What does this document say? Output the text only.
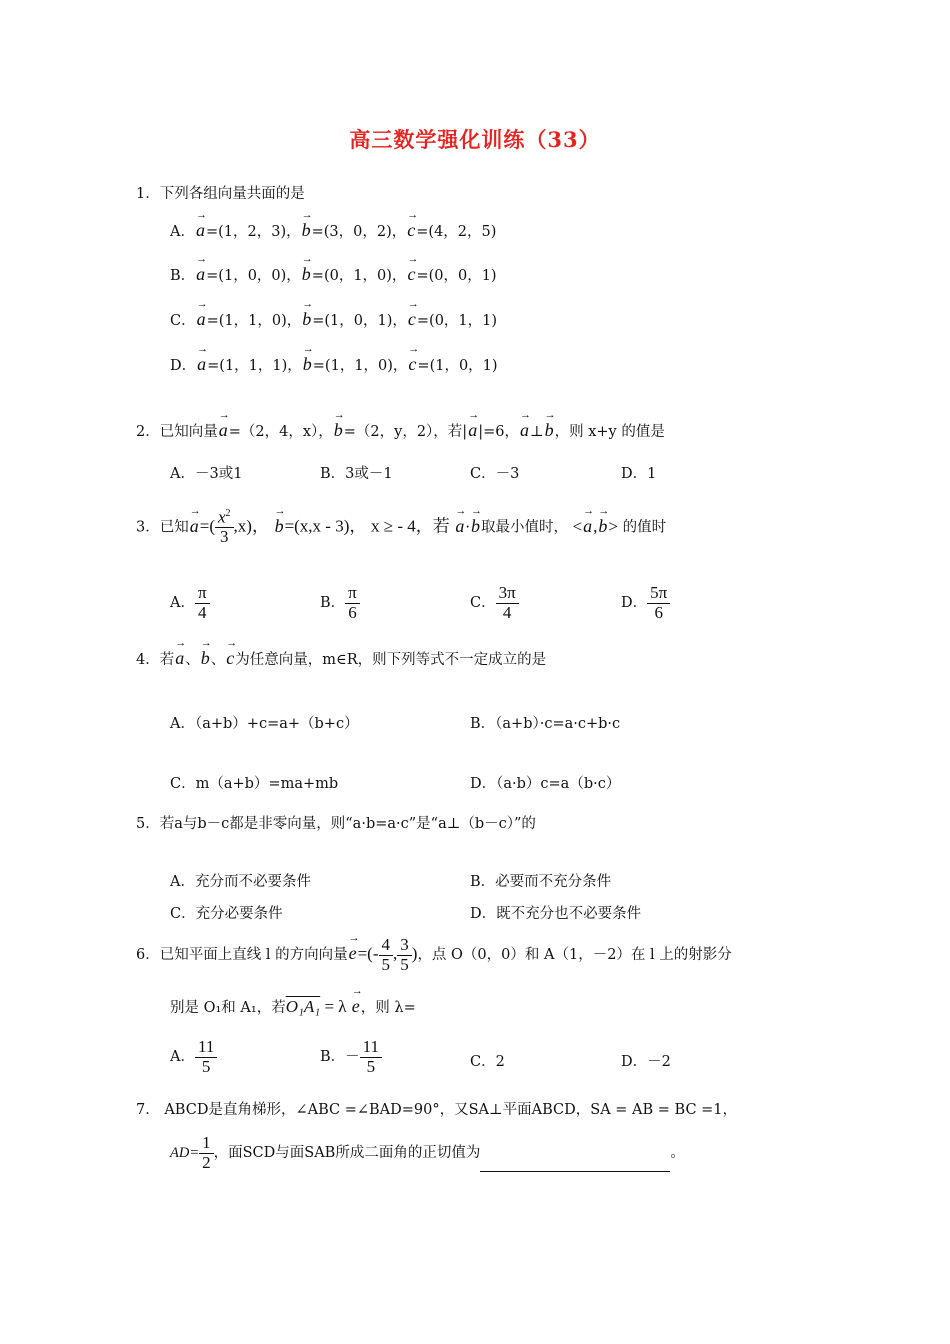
高三数学强化训练（33）
1．下列各组向量共面的是
A．→ a=(1，2，3)，→ b=(3，0，2)，→ c=(4，2，5)
B．→ a=(1，0，0)，→ b=(0，1，0)，→ c=(0，0，1)
C．→ a=(1，1，0)，→ b=(1，0，1)，→ c=(0，1，1)
D．→ a=(1，1，1)，→ b=(1，1，0)，→ c=(1，0，1)
2．已知向量→ a=（2，4，x），→ b=（2，y，2），若|→ a|=6，→ a⊥→ b，则 x+y 的值是
A．－3或1	B．3或－1	C．－3	D．1
3．已知→ $a=( \frac{x^2}{3} ,x)$， → b=(x,x - 3)， x ≥ - 4，若 → a·→ b取最小值时， <→ a,→ b> 的值时
A． $\frac{\pi}{4}$	B． $\frac{\pi}{6}$	C． $\frac{3\pi}{4}$	D． $\frac{5\pi}{6}$
4．若→ a、→ b、→ c为任意向量，m∈R，则下列等式不一定成立的是
A．（a+b）+c=a+（b+c）	B．（a+b）·c=a·c+b·c
C．m（a+b）=ma+mb	D．（a·b）c=a（b·c）
5．若a与b－c都是非零向量，则“a·b=a·c”是“a⊥（b－c）”的
A．充分而不必要条件	B．必要而不充分条件
C．充分必要条件	D．既不充分也不必要条件
6．已知平面上直线 l 的方向向量→ $e=(- \frac{4}{5}$ , $\frac{3}{5}$ )，点 O（0，0）和 A（1，－2）在 l 上的射影分
别是 O₁和 A₁，若O₁A₁ = λ → e，则 λ=
A． $\frac{11}{5}$	B．－ $\frac{11}{5}$	C．2	D．－2
7． ABCD是直角梯形，∠ABC =∠BAD=90°，又SA⊥平面ABCD，SA = AB = BC =1，
$AD= \frac{1}{2}$ ，面SCD与面SAB所成二面角的正切值为	。
